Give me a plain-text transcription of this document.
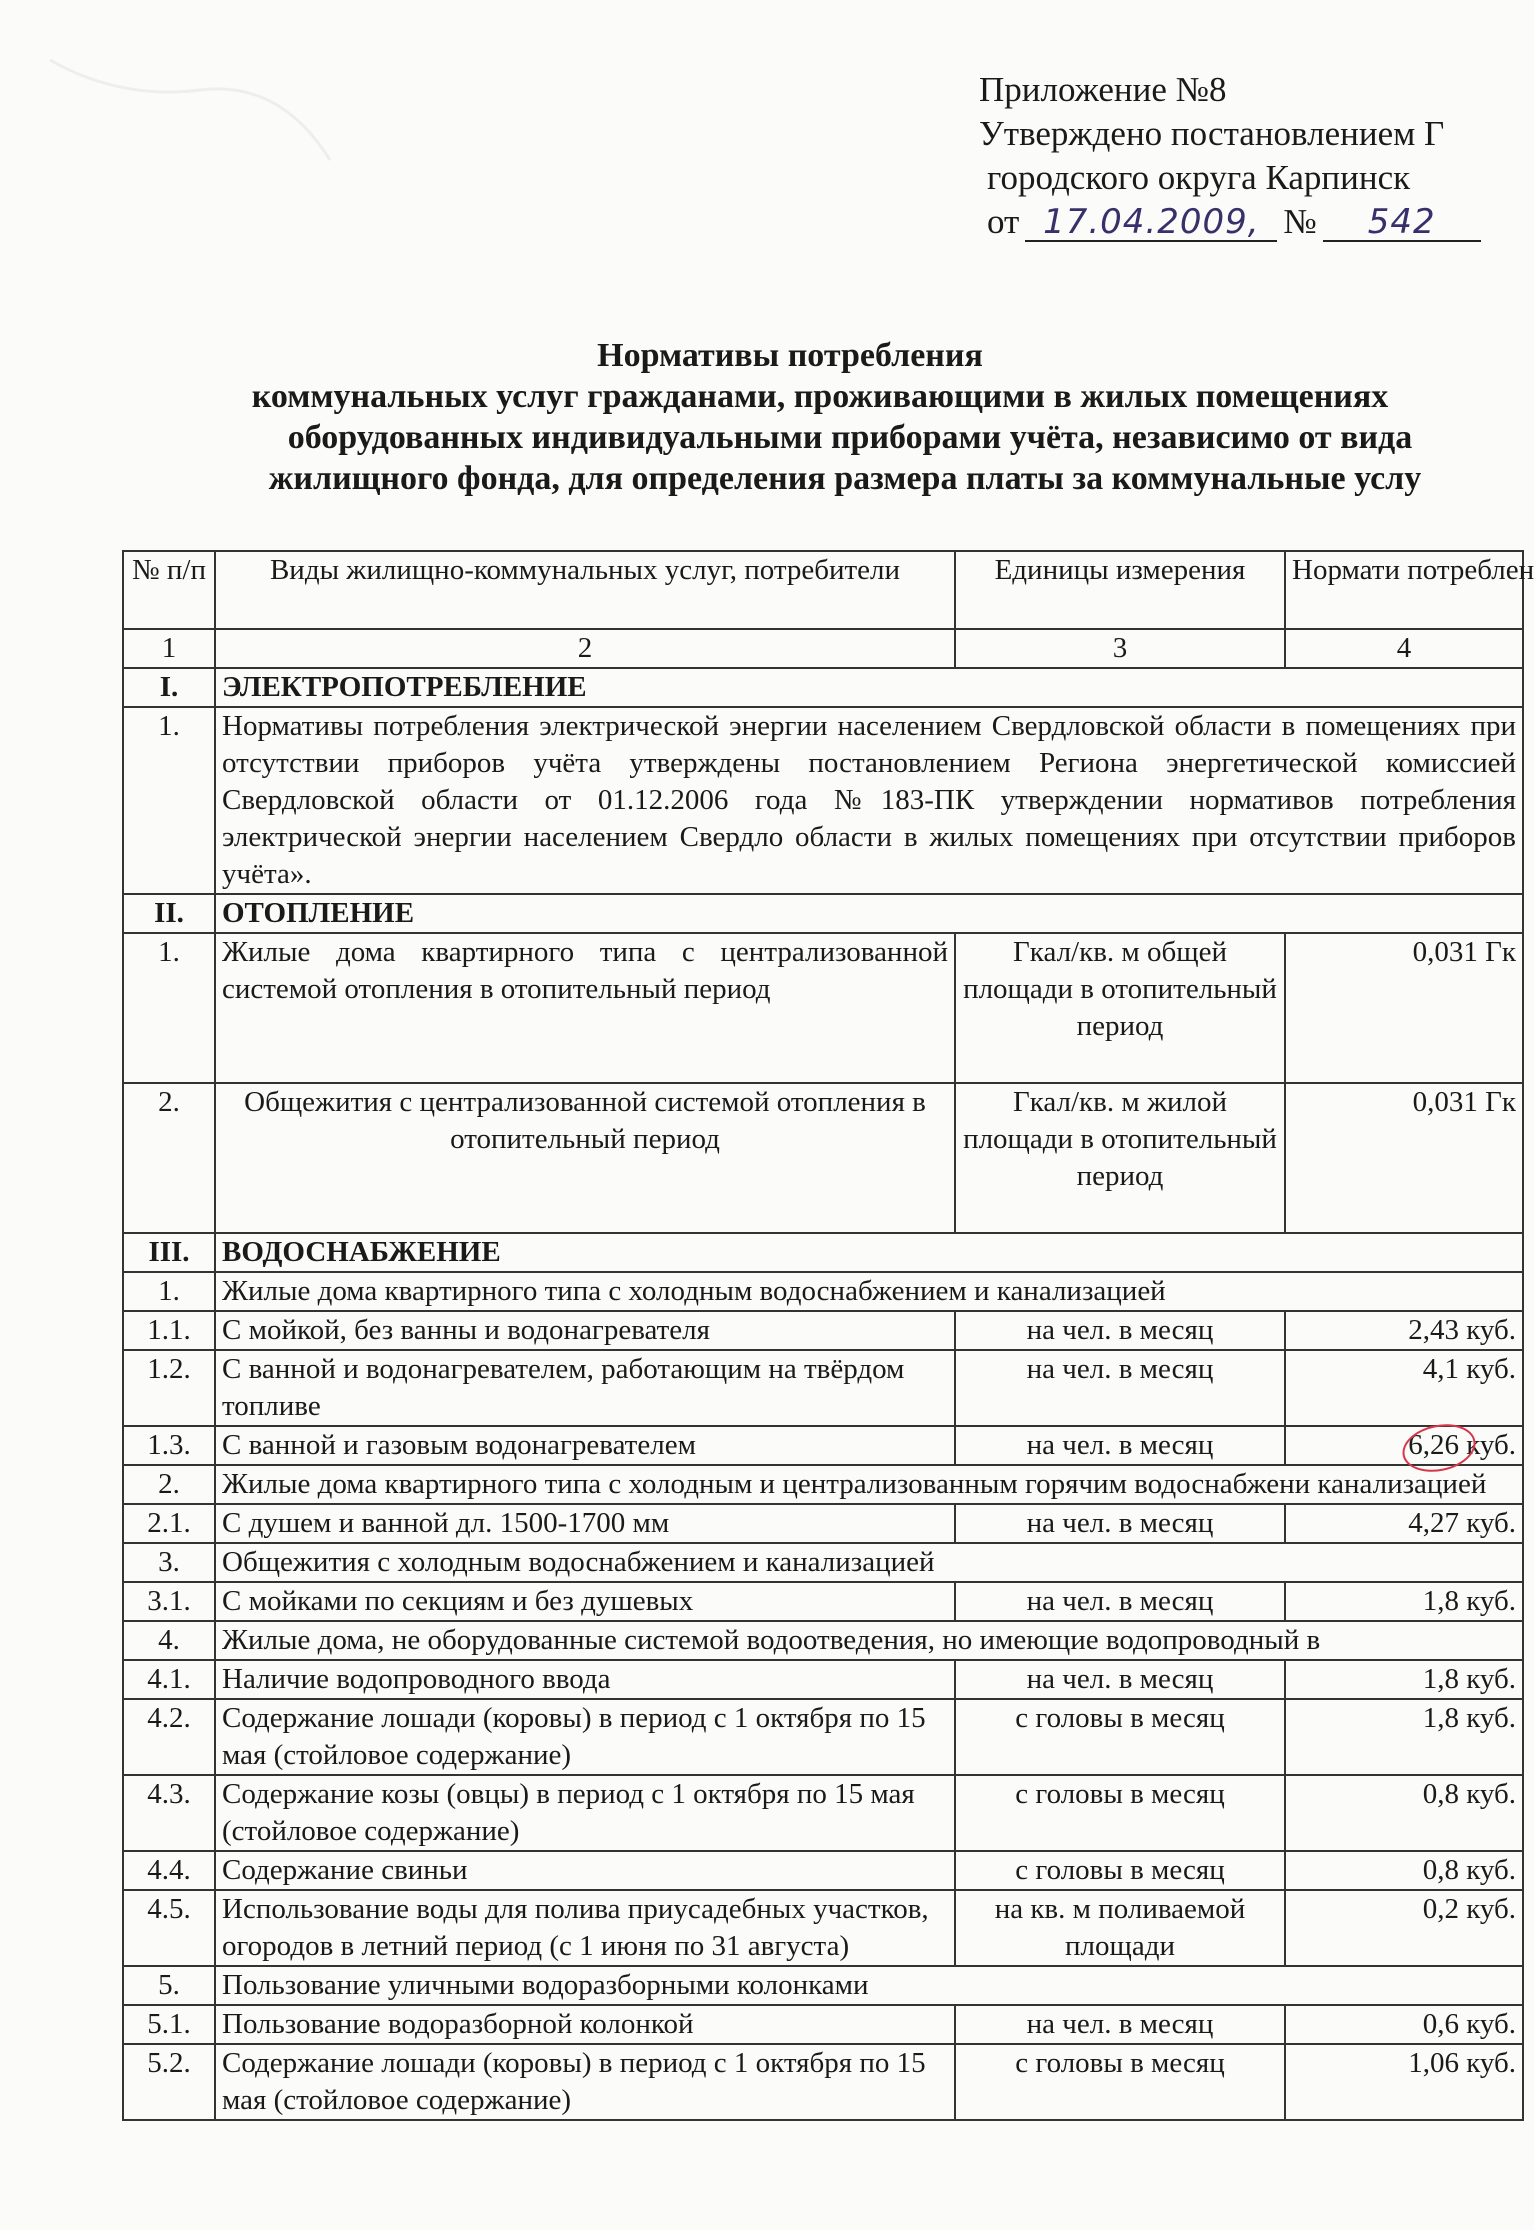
Приложение №8
Утверждено постановлением Г
городского округа Карпинск
от 17.04.2009, № 542
Нормативы потребления
коммунальных услуг гражданами, проживающими в жилых помещениях
оборудованных индивидуальными приборами учёта, независимо от вида
жилищного фонда, для определения размера платы за коммунальные услу
№ п/п	Виды жилищно-коммунальных услуг, потребители	Единицы измерения	Нормати потреблен
1	2	3	4
I.	ЭЛЕКТРОПОТРЕБЛЕНИЕ		
1.	Нормативы потребления электрической энергии населением Свердловской области в помещениях при отсутствии приборов учёта утверждены постановлением Региона энергетической комиссией Свердловской области от 01.12.2006 года №183-ПК утверждении нормативов потребления электрической энергии населением Свердло области в жилых помещениях при отсутствии приборов учёта».		
II.	ОТОПЛЕНИЕ		
1.	Жилые дома квартирного типа с централизованной системой отопления в отопительный период	Гкал/кв. м общей площади в отопительный период	0,031 Гк
2.	Общежития с централизованной системой отопления в отопительный период	Гкал/кв. м жилой площади в отопительный период	0,031 Гк
III.	ВОДОСНАБЖЕНИЕ		
1.	Жилые дома квартирного типа с холодным водоснабжением и канализацией		
1.1.	С мойкой, без ванны и водонагревателя	на чел. в месяц	2,43 куб.
1.2.	С ванной и водонагревателем, работающим на твёрдом топливе	на чел. в месяц	4,1 куб.
1.3.	С ванной и газовым водонагревателем	на чел. в месяц	6,26 куб.
2.	Жилые дома квартирного типа с холодным и централизованным горячим водоснабжени канализацией		
2.1.	С душем и ванной дл. 1500-1700 мм	на чел. в месяц	4,27 куб.
3.	Общежития с холодным водоснабжением и канализацией		
3.1.	С мойками по секциям и без душевых	на чел. в месяц	1,8 куб.
4.	Жилые дома, не оборудованные системой водоотведения, но имеющие водопроводный в		
4.1.	Наличие водопроводного ввода	на чел. в месяц	1,8 куб.
4.2.	Содержание лошади (коровы) в период с 1 октября по 15 мая (стойловое содержание)	с головы в месяц	1,8 куб.
4.3.	Содержание козы (овцы) в период с 1 октября по 15 мая (стойловое содержание)	с головы в месяц	0,8 куб.
4.4.	Содержание свиньи	с головы в месяц	0,8 куб.
4.5.	Использование воды для полива приусадебных участков, огородов в летний период (с 1 июня по 31 августа)	на кв. м поливаемой площади	0,2 куб.
5.	Пользование уличными водоразборными колонками		
5.1.	Пользование водоразборной колонкой	на чел. в месяц	0,6 куб.
5.2.	Содержание лошади (коровы) в период с 1 октября по 15 мая (стойловое содержание)	с головы в месяц	1,06 куб.
